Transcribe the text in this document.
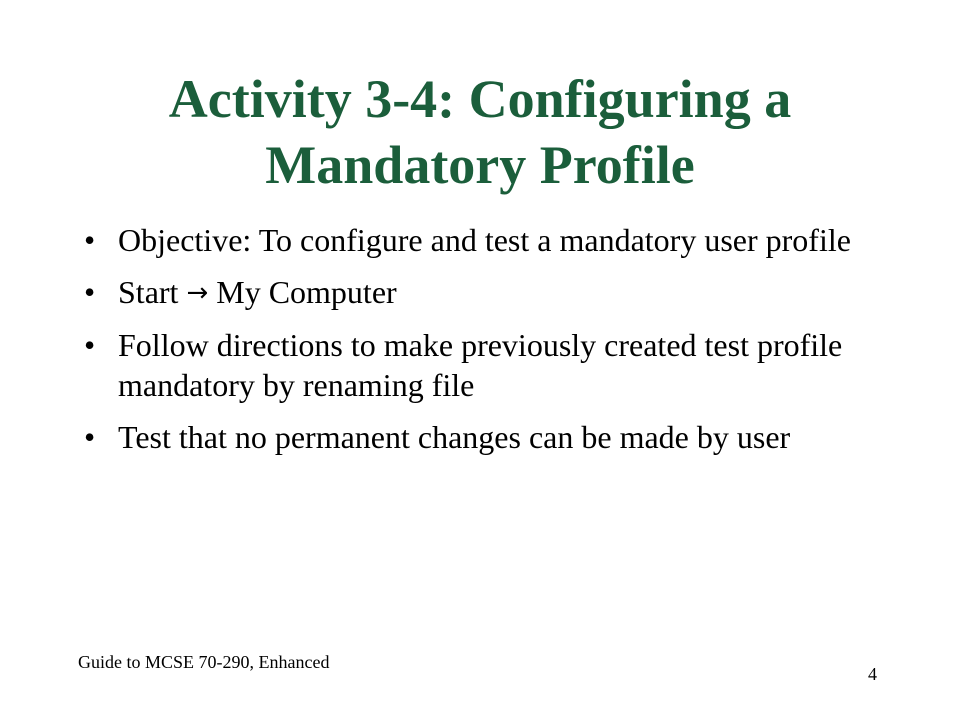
Activity 3-4: Configuring a
Mandatory Profile
• Objective: To configure and test a mandatory user profile
• Start → My Computer
• Follow directions to make previously created test profile mandatory by renaming file
• Test that no permanent changes can be made by user
Guide to MCSE 70-290, Enhanced
4
